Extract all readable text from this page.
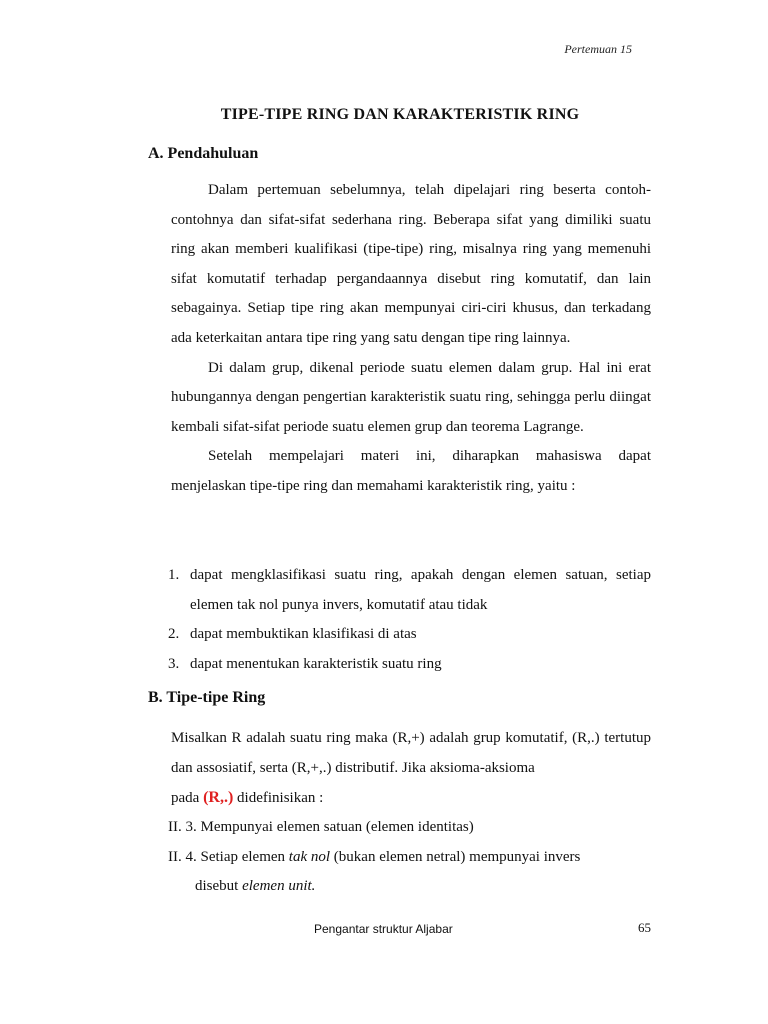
Pertemuan 15
TIPE-TIPE RING DAN KARAKTERISTIK RING
A. Pendahuluan

Dalam pertemuan sebelumnya, telah dipelajari ring beserta contoh-contohnya dan sifat-sifat sederhana ring. Beberapa sifat yang dimiliki suatu ring akan memberi kualifikasi (tipe-tipe) ring, misalnya ring yang memenuhi sifat komutatif terhadap pergandaannya disebut ring komutatif, dan lain sebagainya. Setiap tipe ring akan mempunyai ciri-ciri khusus, dan terkadang ada keterkaitan antara tipe ring yang satu dengan tipe ring lainnya.

Di dalam grup, dikenal periode suatu elemen dalam grup. Hal ini erat hubungannya dengan pengertian karakteristik suatu ring, sehingga perlu diingat kembali sifat-sifat periode suatu elemen grup dan teorema Lagrange.

Setelah mempelajari materi ini, diharapkan mahasiswa dapat menjelaskan tipe-tipe ring dan memahami karakteristik ring, yaitu :

1. dapat mengklasifikasi suatu ring, apakah dengan elemen satuan, setiap elemen tak nol punya invers, komutatif atau tidak
2. dapat membuktikan klasifikasi di atas
3. dapat menentukan karakteristik suatu ring
B. Tipe-tipe Ring

Misalkan R adalah suatu ring maka (R,+) adalah grup komutatif, (R,.) tertutup dan assosiatif, serta (R,+,.) distributif. Jika aksioma-aksioma

pada (R,.) didefinisikan :

II. 3. Mempunyai elemen satuan (elemen identitas)

II. 4. Setiap elemen tak nol (bukan elemen netral) mempunyai invers

disebut elemen unit.

Pengantar struktur Aljabar	65
